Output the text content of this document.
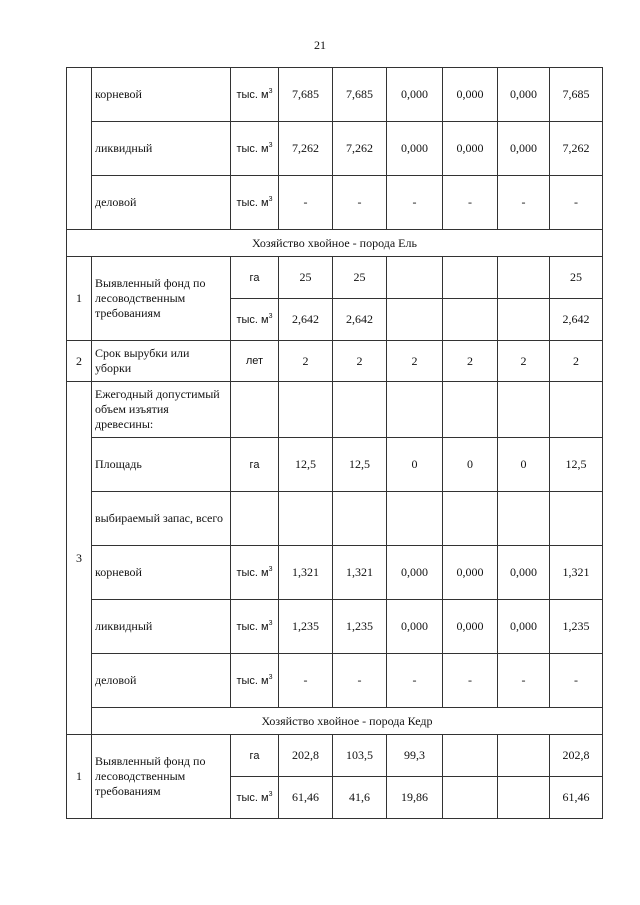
21
	корневой	тыс. $м^3$	7,685	7,685	0,000	0,000	0,000	7,685
	ликвидный	тыс. $м^3$	7,262	7,262	0,000	0,000	0,000	7,262
	деловой	тыс. $м^3$	-	-	-	-	-	-
Хозяйство хвойное - порода Ель								
1	Выявленный фонд по лесоводственным требованиям	га	25	25				25
		тыс. $м^3$	2,642	2,642				2,642
2	Срок вырубки или уборки	лет	2	2	2	2	2	2
3	Ежегодный допустимый объем изъятия древесины:							
	Площадь	га	12,5	12,5	0	0	0	12,5
	выбираемый запас, всего							
	корневой	тыс. $м^3$	1,321	1,321	0,000	0,000	0,000	1,321
	ликвидный	тыс. $м^3$	1,235	1,235	0,000	0,000	0,000	1,235
	деловой	тыс. $м^3$	-	-	-	-	-	-
	Хозяйство хвойное - порода Кедр							
1	Выявленный фонд по лесоводственным требованиям	га	202,8	103,5	99,3			202,8
		тыс. $м^3$	61,46	41,6	19,86			61,46
